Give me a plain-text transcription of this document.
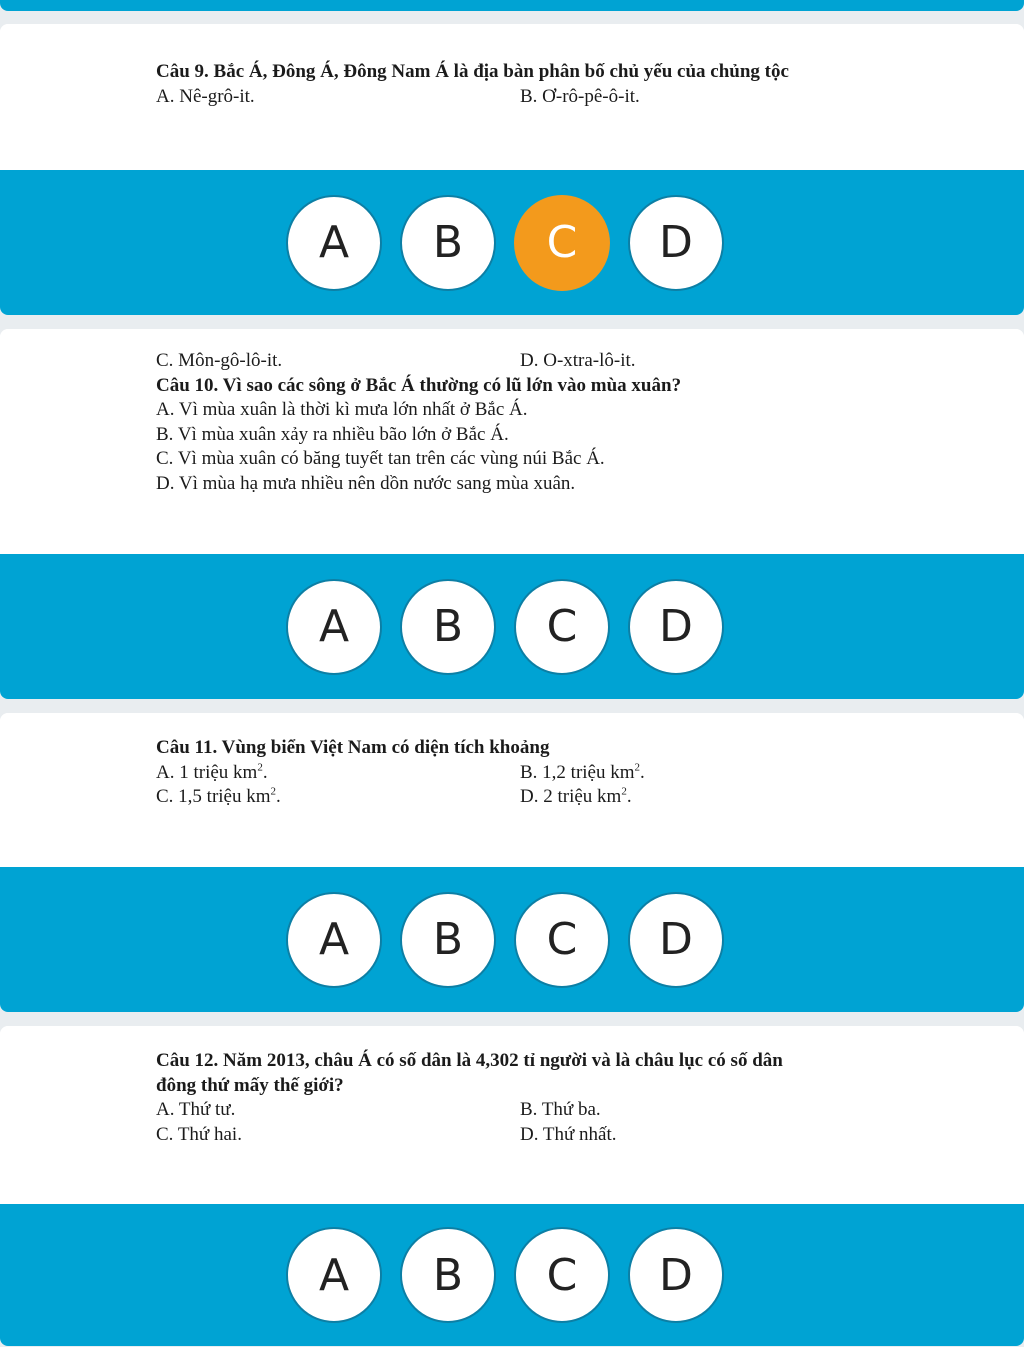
Câu 9. Bắc Á, Đông Á, Đông Nam Á là địa bàn phân bố chủ yếu của chủng tộc
A. Nê-grô-it.	B. Ơ-rô-pê-ô-it.
A	B	C	D
C. Môn-gô-lô-it.	D. O-xtra-lô-it.
Câu 10. Vì sao các sông ở Bắc Á thường có lũ lớn vào mùa xuân?
A. Vì mùa xuân là thời kì mưa lớn nhất ở Bắc Á.
B. Vì mùa xuân xảy ra nhiều bão lớn ở Bắc Á.
C. Vì mùa xuân có băng tuyết tan trên các vùng núi Bắc Á.
D. Vì mùa hạ mưa nhiều nên dồn nước sang mùa xuân.
A	B	C	D
Câu 11. Vùng biển Việt Nam có diện tích khoảng
A. 1 triệu $km^2$.	B. 1,2 triệu $km^2$.
C. 1,5 triệu $km^2$.	D. 2 triệu $km^2$.
A	B	C	D
Câu 12. Năm 2013, châu Á có số dân là 4,302 tỉ người và là châu lục có số dân
đông thứ mấy thế giới?
A. Thứ tư.	B. Thứ ba.
C. Thứ hai.	D. Thứ nhất.
A	B	C	D
